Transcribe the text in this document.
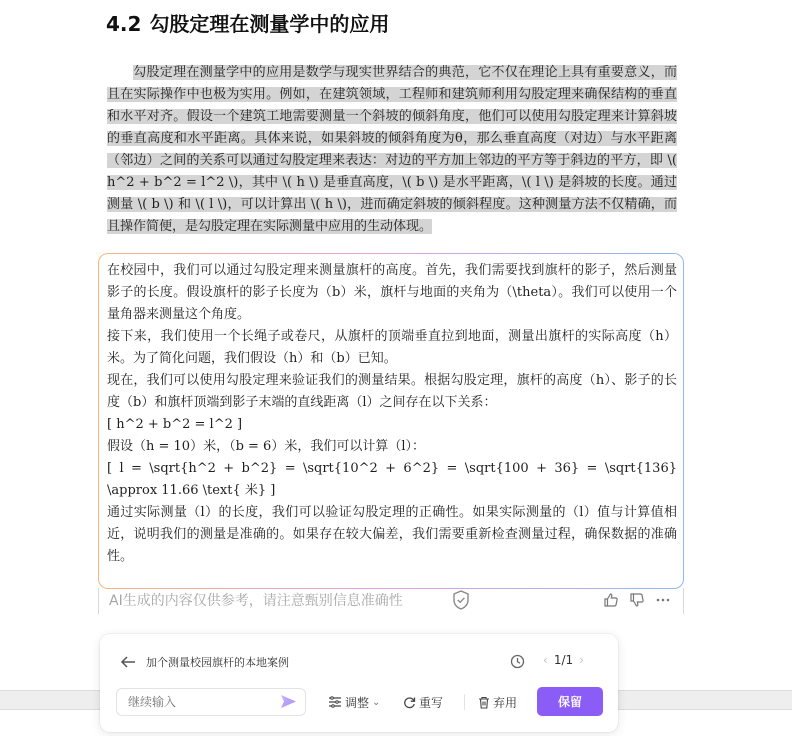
4.2 勾股定理在测量学中的应用
勾股定理在测量学中的应用是数学与现实世界结合的典范，它不仅在理论上具有重要意义，而且在实际操作中也极为实用。例如，在建筑领域，工程师和建筑师利用勾股定理来确保结构的垂直和水平对齐。假设一个建筑工地需要测量一个斜坡的倾斜角度，他们可以使用勾股定理来计算斜坡的垂直高度和水平距离。具体来说，如果斜坡的倾斜角度为θ，那么垂直高度（对边）与水平距离（邻边）之间的关系可以通过勾股定理来表达：对边的平方加上邻边的平方等于斜边的平方，即 \( h^2 + b^2 = l^2 \)，其中 \( h \) 是垂直高度，\( b \) 是水平距离，\( l \) 是斜坡的长度。通过测量 \( b \) 和 \( l \)，可以计算出 \( h \)，进而确定斜坡的倾斜程度。这种测量方法不仅精确，而且操作简便，是勾股定理在实际测量中应用的生动体现。

在校园中，我们可以通过勾股定理来测量旗杆的高度。首先，我们需要找到旗杆的影子，然后测量影子的长度。假设旗杆的影子长度为（b）米，旗杆与地面的夹角为（\theta）。我们可以使用一个量角器来测量这个角度。

接下来，我们使用一个长绳子或卷尺，从旗杆的顶端垂直拉到地面，测量出旗杆的实际高度（h）米。为了简化问题，我们假设（h）和（b）已知。

现在，我们可以使用勾股定理来验证我们的测量结果。根据勾股定理，旗杆的高度（h）、影子的长度（b）和旗杆顶端到影子末端的直线距离（l）之间存在以下关系：

[ h^2 + b^2 = l^2 ]

假设（h = 10）米，（b = 6）米，我们可以计算（l）：

[ l = \sqrt{h^2 + b^2} = \sqrt{10^2 + 6^2} = \sqrt{100 + 36} = \sqrt{136} \approx 11.66 \text{ 米} ]

通过实际测量（l）的长度，我们可以验证勾股定理的正确性。如果实际测量的（l）值与计算值相近，说明我们的测量是准确的。如果存在较大偏差，我们需要重新检查测量过程，确保数据的准确性。

AI生成的内容仅供参考，请注意甄别信息准确性
加个测量校园旗杆的本地案例	‹ 1/1 ›
继续输入
调整 ⌄	重写	弃用	保留
